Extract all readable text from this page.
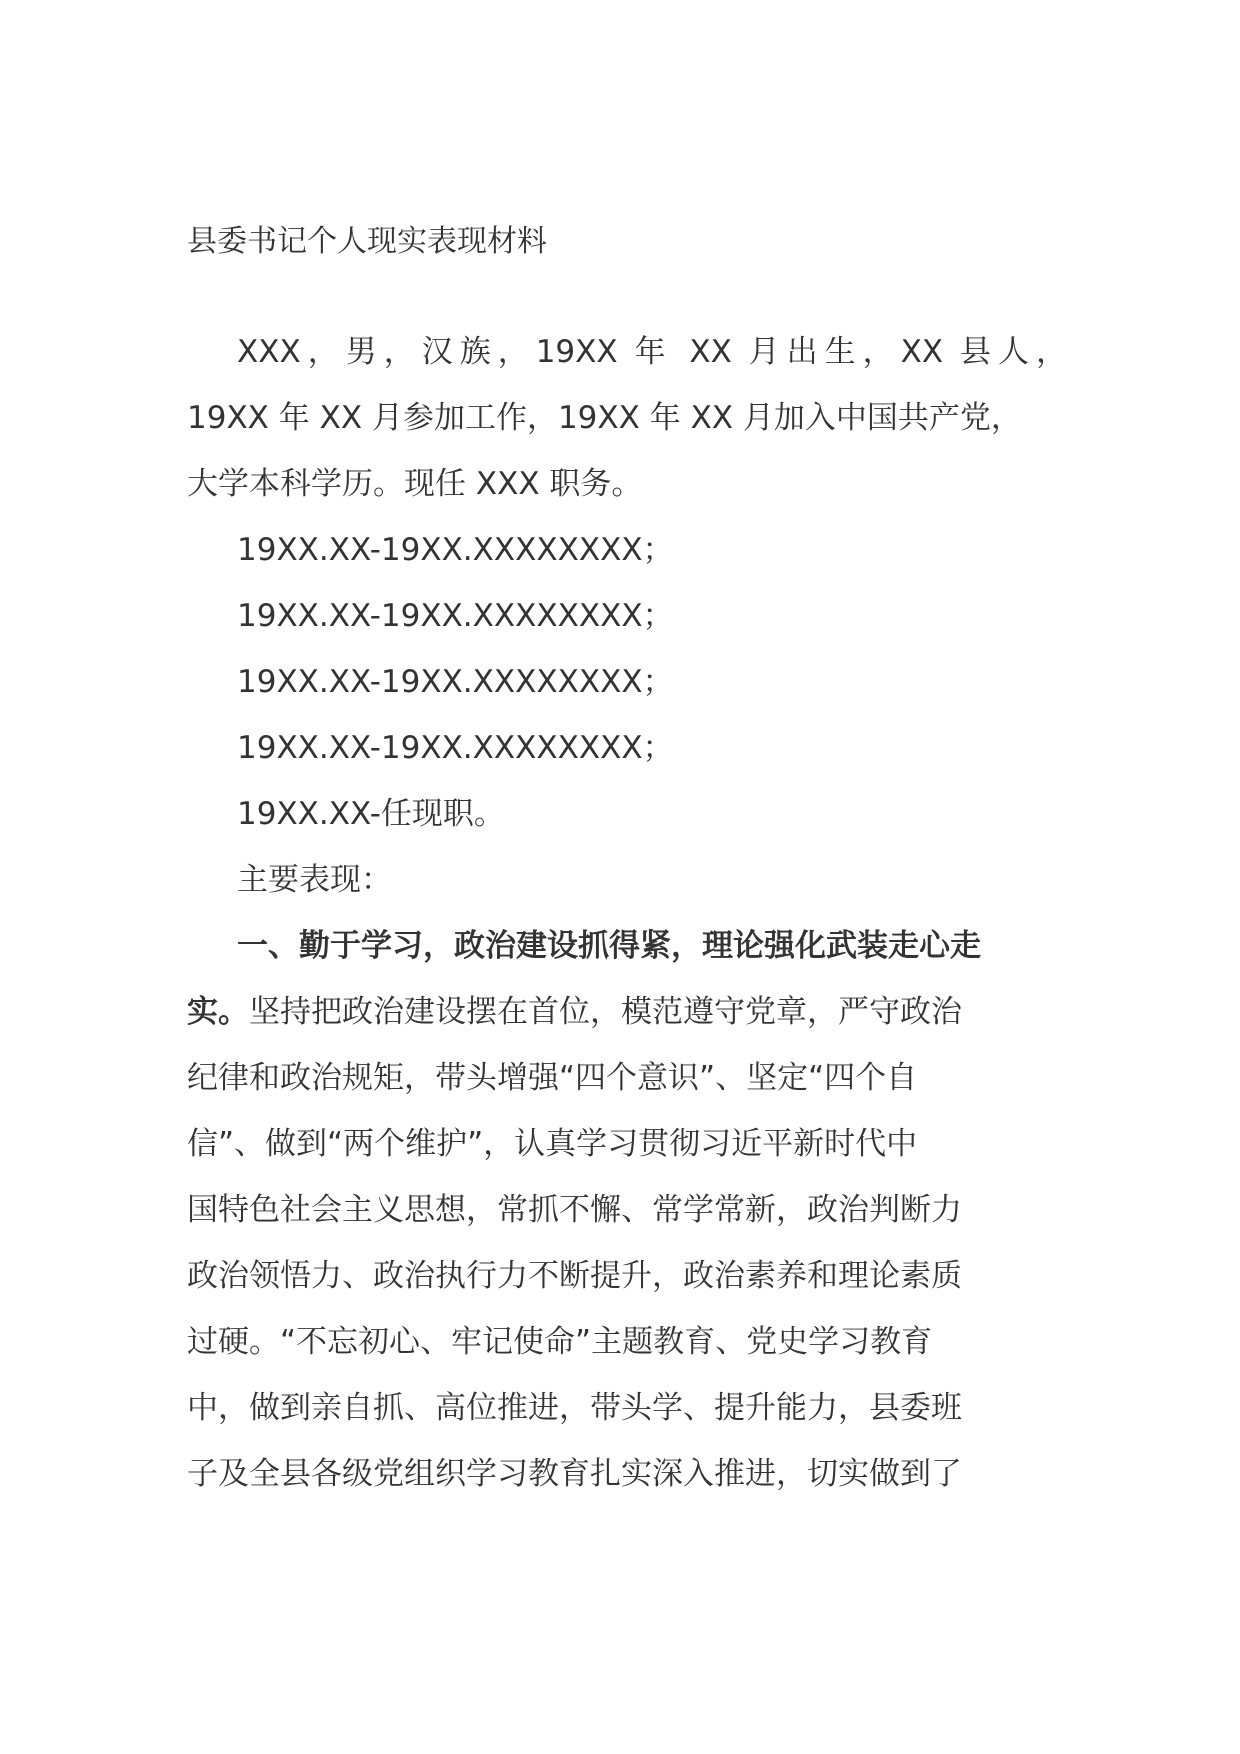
县委书记个人现实表现材料
XXX，男，汉族，19XX 年 XX 月出生，XX 县人，
19XX 年 XX 月参加工作，19XX 年 XX 月加入中国共产党，
大学本科学历。现任 XXX 职务。
19XX.XX-19XX.XXXXXXXX；
19XX.XX-19XX.XXXXXXXX；
19XX.XX-19XX.XXXXXXXX；
19XX.XX-19XX.XXXXXXXX；
19XX.XX-任现职。
主要表现：
一、勤于学习，政治建设抓得紧，理论强化武装走心走
实。坚持把政治建设摆在首位，模范遵守党章，严守政治
纪律和政治规矩，带头增强“四个意识”、坚定“四个自
信”、做到“两个维护”，认真学习贯彻习近平新时代中
国特色社会主义思想，常抓不懈、常学常新，政治判断力
政治领悟力、政治执行力不断提升，政治素养和理论素质
过硬。“不忘初心、牢记使命”主题教育、党史学习教育
中，做到亲自抓、高位推进，带头学、提升能力，县委班
子及全县各级党组织学习教育扎实深入推进，切实做到了
